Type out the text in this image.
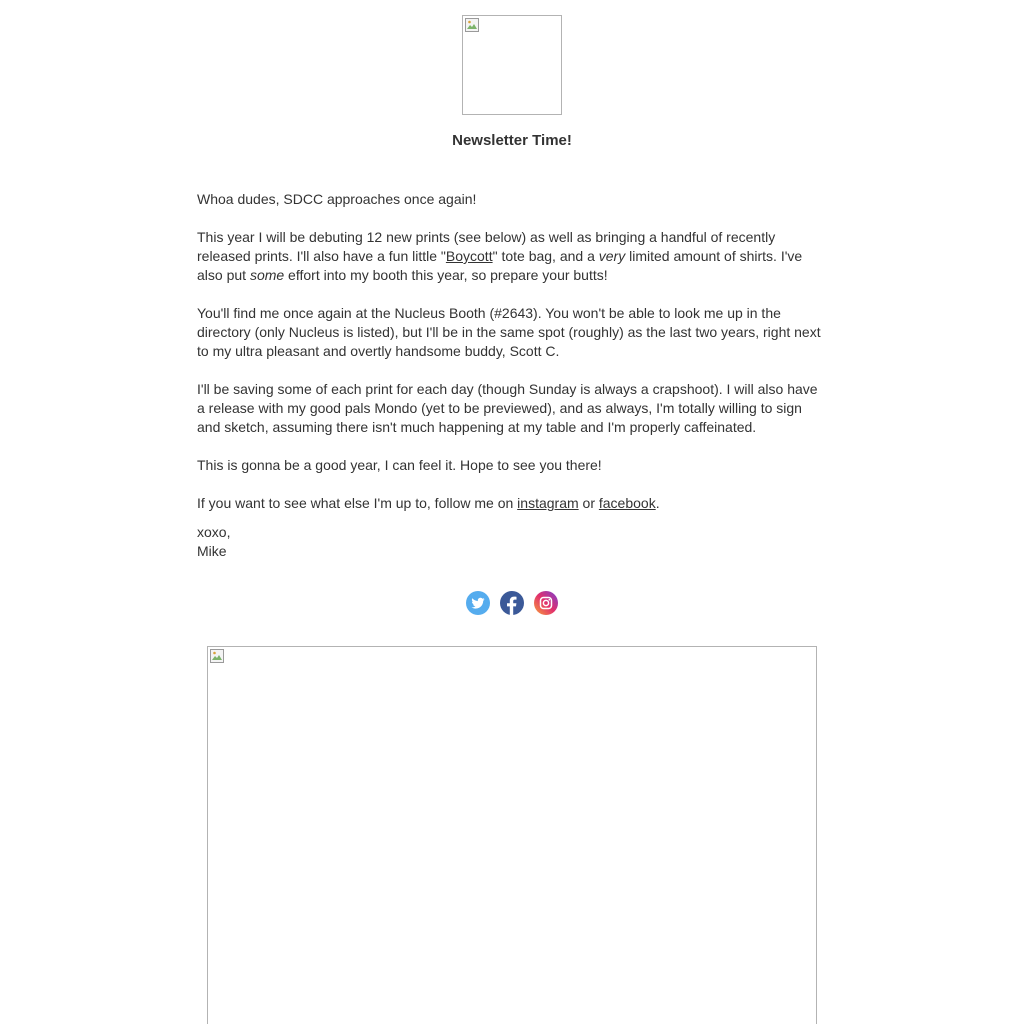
Newsletter Time!

Whoa dudes, SDCC approaches once again!

This year I will be debuting 12 new prints (see below) as well as bringing a handful of recently released prints. I'll also have a fun little "Boycott" tote bag, and a very limited amount of shirts. I've also put some effort into my booth this year, so prepare your butts!

You'll find me once again at the Nucleus Booth (#2643). You won't be able to look me up in the directory (only Nucleus is listed), but I'll be in the same spot (roughly) as the last two years, right next to my ultra pleasant and overtly handsome buddy, Scott C.

I'll be saving some of each print for each day (though Sunday is always a crapshoot). I will also have a release with my good pals Mondo (yet to be previewed), and as always, I'm totally willing to sign and sketch, assuming there isn't much happening at my table and I'm properly caffeinated.

This is gonna be a good year, I can feel it. Hope to see you there!

If you want to see what else I'm up to, follow me on instagram or facebook.

xoxo,

Mike
